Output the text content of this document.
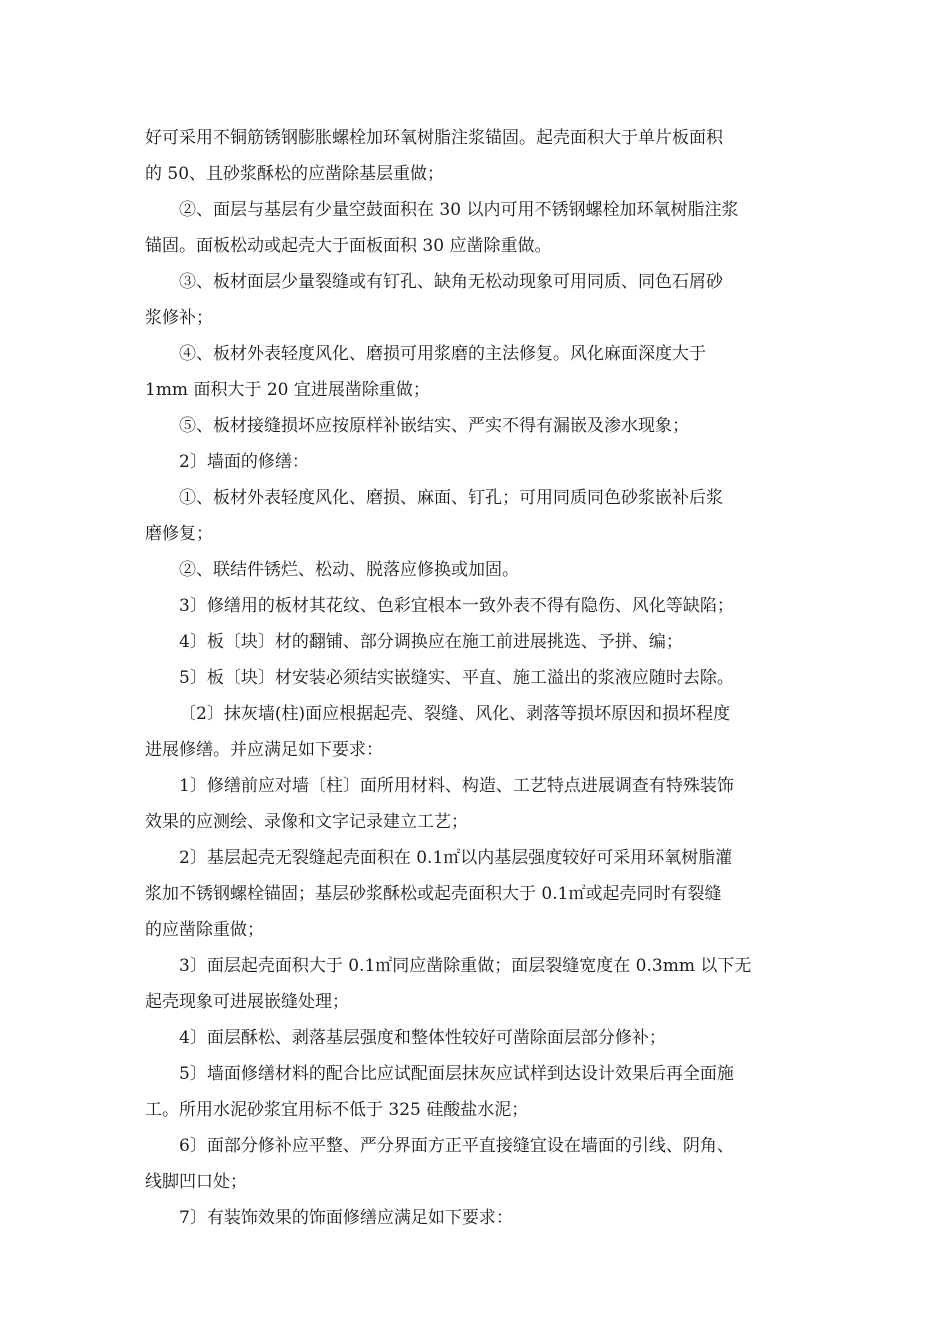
好可采用不铜筋锈钢膨胀螺栓加环氧树脂注浆锚固。起壳面积大于单片板面积
的 50、且砂浆酥松的应凿除基层重做；
②、面层与基层有少量空鼓面积在 30 以内可用不锈钢螺栓加环氧树脂注浆
锚固。面板松动或起壳大于面板面积 30 应凿除重做。
③、板材面层少量裂缝或有钉孔、缺角无松动现象可用同质、同色石屑砂
浆修补；
④、板材外表轻度风化、磨损可用浆磨的主法修复。风化麻面深度大于
1mm 面积大于 20 宜进展凿除重做；
⑤、板材接缝损坏应按原样补嵌结实、严实不得有漏嵌及渗水现象；
2〕墙面的修缮：
①、板材外表轻度风化、磨损、麻面、钉孔；可用同质同色砂浆嵌补后浆
磨修复；
②、联结件锈烂、松动、脱落应修换或加固。
3〕修缮用的板材其花纹、色彩宜根本一致外表不得有隐伤、风化等缺陷；
4〕板〔块〕材的翻铺、部分调换应在施工前进展挑选、予拼、编；
5〕板〔块〕材安装必须结实嵌缝实、平直、施工溢出的浆液应随时去除。
〔2〕抹灰墙(柱)面应根据起壳、裂缝、风化、剥落等损坏原因和损坏程度
进展修缮。并应满足如下要求：
1〕修缮前应对墙〔柱〕面所用材料、构造、工艺特点进展调查有特殊装饰
效果的应测绘、录像和文字记录建立工艺；
2〕基层起壳无裂缝起壳面积在 0.1㎡以内基层强度较好可采用环氧树脂灌
浆加不锈钢螺栓锚固；基层砂浆酥松或起壳面积大于 0.1㎡或起壳同时有裂缝
的应凿除重做；
3〕面层起壳面积大于 0.1㎡同应凿除重做；面层裂缝宽度在 0.3mm 以下无
起壳现象可进展嵌缝处理；
4〕面层酥松、剥落基层强度和整体性较好可凿除面层部分修补；
5〕墙面修缮材料的配合比应试配面层抹灰应试样到达设计效果后再全面施
工。所用水泥砂浆宜用标不低于 325 硅酸盐水泥；
6〕面部分修补应平整、严分界面方正平直接缝宜设在墙面的引线、阴角、
线脚凹口处；
7〕有装饰效果的饰面修缮应满足如下要求：
